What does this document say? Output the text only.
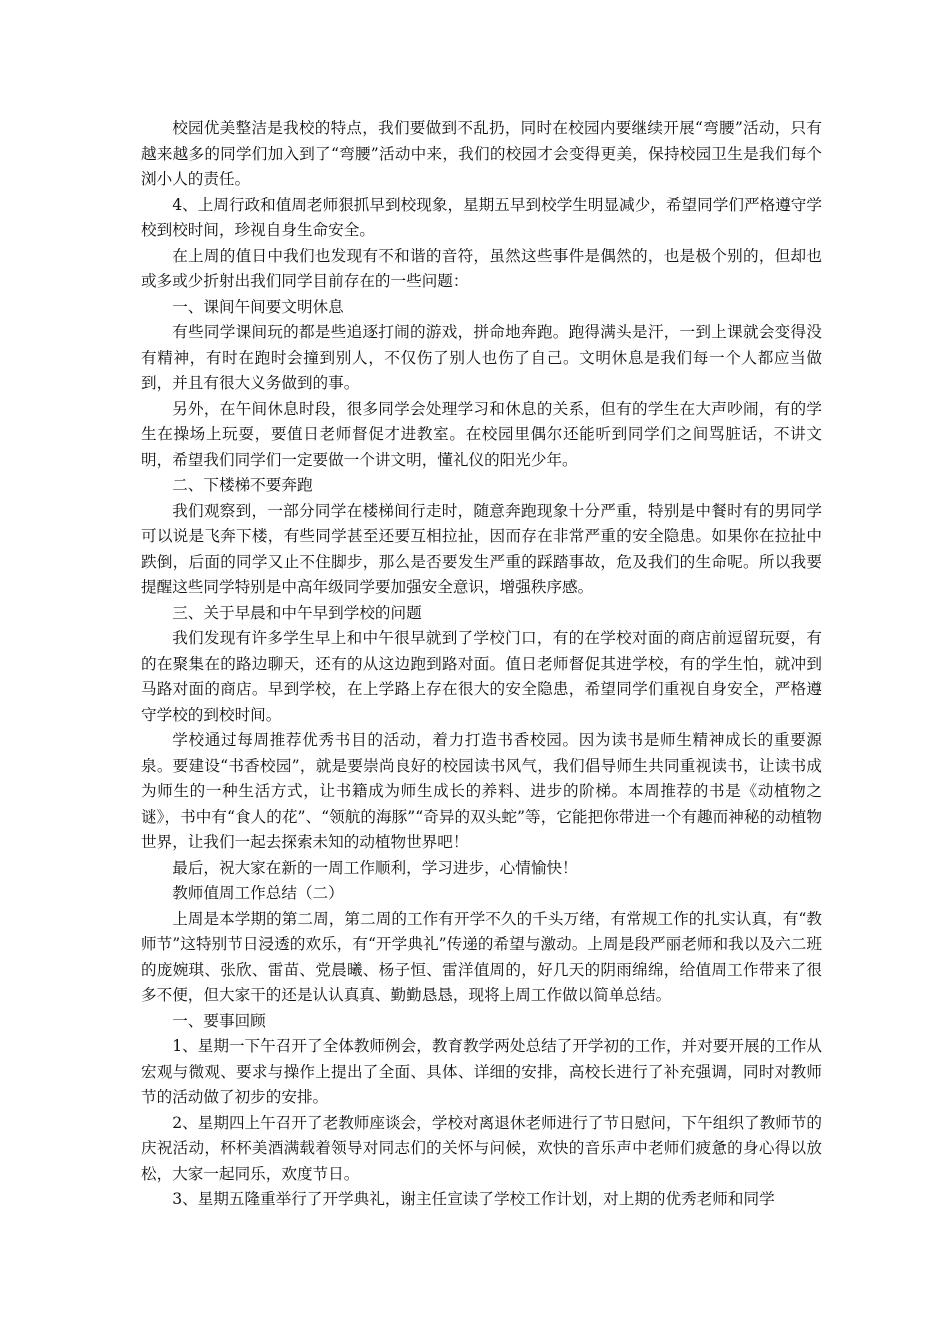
校园优美整洁是我校的特点，我们要做到不乱扔，同时在校园内要继续开展“弯腰”活动，只有越来越多的同学们加入到了“弯腰”活动中来，我们的校园才会变得更美，保持校园卫生是我们每个浏小人的责任。

4、上周行政和值周老师狠抓早到校现象，星期五早到校学生明显减少，希望同学们严格遵守学校到校时间，珍视自身生命安全。

在上周的值日中我们也发现有不和谐的音符，虽然这些事件是偶然的，也是极个别的，但却也或多或少折射出我们同学目前存在的一些问题：

一、课间午间要文明休息

有些同学课间玩的都是些追逐打闹的游戏，拼命地奔跑。跑得满头是汗，一到上课就会变得没有精神，有时在跑时会撞到别人，不仅伤了别人也伤了自己。文明休息是我们每一个人都应当做到，并且有很大义务做到的事。

另外，在午间休息时段，很多同学会处理学习和休息的关系，但有的学生在大声吵闹，有的学生在操场上玩耍，要值日老师督促才进教室。在校园里偶尔还能听到同学们之间骂脏话，不讲文明，希望我们同学们一定要做一个讲文明，懂礼仪的阳光少年。

二、下楼梯不要奔跑

我们观察到，一部分同学在楼梯间行走时，随意奔跑现象十分严重，特别是中餐时有的男同学可以说是飞奔下楼，有些同学甚至还要互相拉扯，因而存在非常严重的安全隐患。如果你在拉扯中跌倒，后面的同学又止不住脚步，那么是否要发生严重的踩踏事故，危及我们的生命呢。所以我要提醒这些同学特别是中高年级同学要加强安全意识，增强秩序感。

三、关于早晨和中午早到学校的问题

我们发现有许多学生早上和中午很早就到了学校门口，有的在学校对面的商店前逗留玩耍，有的在聚集在的路边聊天，还有的从这边跑到路对面。值日老师督促其进学校，有的学生怕，就冲到马路对面的商店。早到学校，在上学路上存在很大的安全隐患，希望同学们重视自身安全，严格遵守学校的到校时间。

学校通过每周推荐优秀书目的活动，着力打造书香校园。因为读书是师生精神成长的重要源泉。要建设“书香校园”，就是要崇尚良好的校园读书风气，我们倡导师生共同重视读书，让读书成为师生的一种生活方式，让书籍成为师生成长的养料、进步的阶梯。本周推荐的书是《动植物之谜》，书中有“食人的花”、“领航的海豚”“奇异的双头蛇”等，它能把你带进一个有趣而神秘的动植物世界，让我们一起去探索未知的动植物世界吧！

最后，祝大家在新的一周工作顺利，学习进步，心情愉快！

教师值周工作总结（二）

上周是本学期的第二周，第二周的工作有开学不久的千头万绪，有常规工作的扎实认真，有“教师节”这特别节日浸透的欢乐，有“开学典礼”传递的希望与激动。上周是段严丽老师和我以及六二班的庞婉琪、张欣、雷苗、党晨曦、杨子恒、雷洋值周的，好几天的阴雨绵绵，给值周工作带来了很多不便，但大家干的还是认认真真、勤勤恳恳，现将上周工作做以简单总结。

一、要事回顾

1、星期一下午召开了全体教师例会，教育教学两处总结了开学初的工作，并对要开展的工作从宏观与微观、要求与操作上提出了全面、具体、详细的安排，高校长进行了补充强调，同时对教师节的活动做了初步的安排。

2、星期四上午召开了老教师座谈会，学校对离退休老师进行了节日慰问，下午组织了教师节的庆祝活动，杯杯美酒满载着领导对同志们的关怀与问候，欢快的音乐声中老师们疲惫的身心得以放松，大家一起同乐，欢度节日。

3、星期五隆重举行了开学典礼，谢主任宣读了学校工作计划，对上期的优秀老师和同学
